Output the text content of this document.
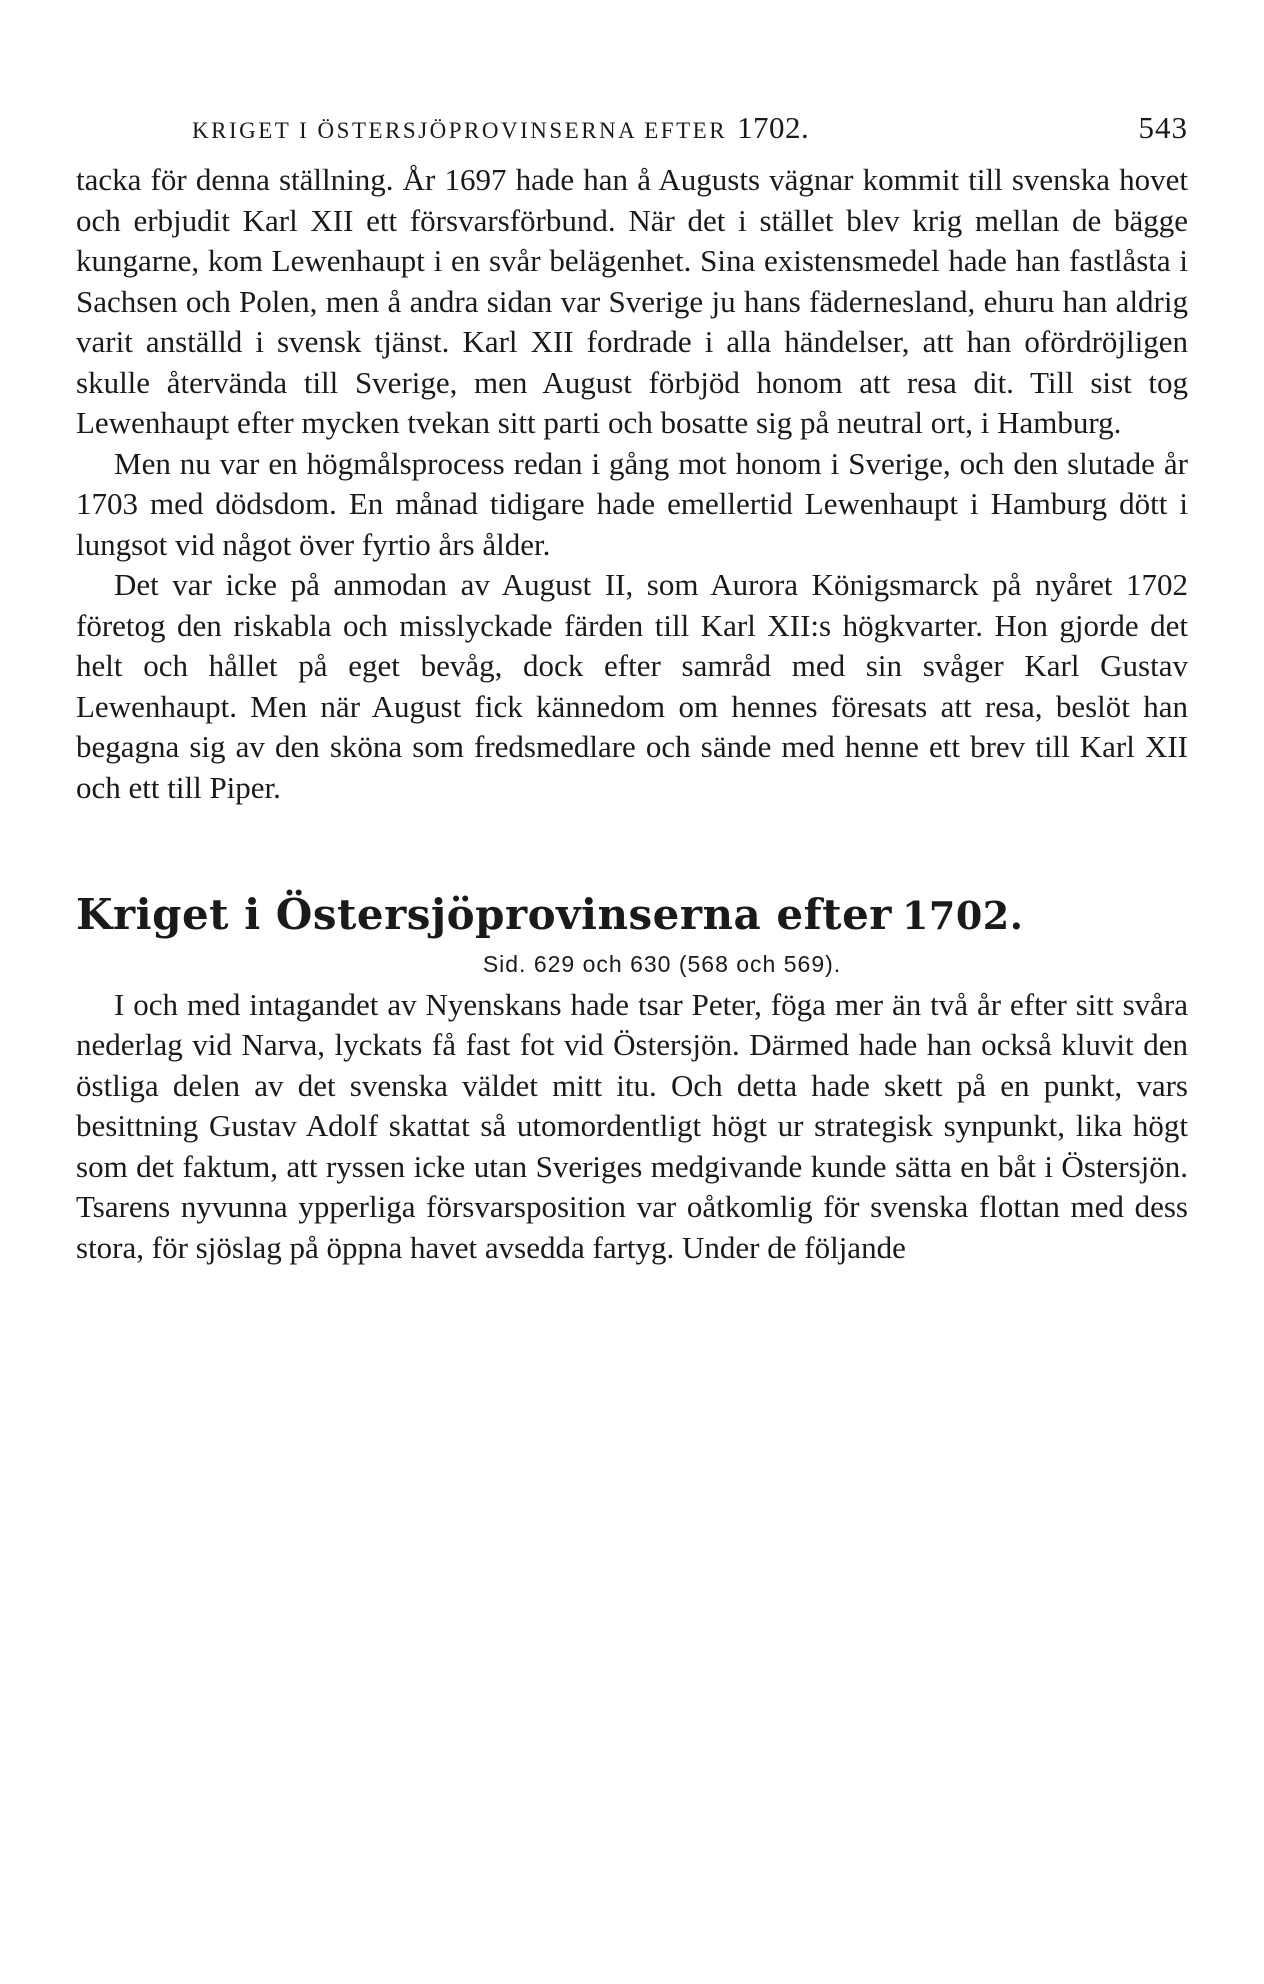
KRIGET I ÖSTERSJÖPROVINSERNA EFTER 1702.	543

tacka för denna ställning. År 1697 hade han å Augusts vägnar kommit till svenska hovet och erbjudit Karl XII ett försvarsförbund. När det i stället blev krig mellan de bägge kungarne, kom Lewenhaupt i en svår belägenhet. Sina existensmedel hade han fastlåsta i Sachsen och Polen, men å andra sidan var Sverige ju hans fädernesland, ehuru han aldrig varit anställd i svensk tjänst. Karl XII fordrade i alla händelser, att han ofördröjligen skulle återvända till Sverige, men August förbjöd honom att resa dit. Till sist tog Lewenhaupt efter mycken tvekan sitt parti och bosatte sig på neutral ort, i Hamburg.

Men nu var en högmålsprocess redan i gång mot honom i Sverige, och den slutade år 1703 med dödsdom. En månad tidigare hade emellertid Lewenhaupt i Hamburg dött i lungsot vid något över fyrtio års ålder.

Det var icke på anmodan av August II, som Aurora Königsmarck på nyåret 1702 företog den riskabla och misslyckade färden till Karl XII:s högkvarter. Hon gjorde det helt och hållet på eget bevåg, dock efter samråd med sin svåger Karl Gustav Lewenhaupt. Men när August fick kännedom om hennes föresats att resa, beslöt han begagna sig av den sköna som fredsmedlare och sände med henne ett brev till Karl XII och ett till Piper.

Kriget i Östersjöprovinserna efter 1702.
Sid. 629 och 630 (568 och 569).

I och med intagandet av Nyenskans hade tsar Peter, föga mer än två år efter sitt svåra nederlag vid Narva, lyckats få fast fot vid Östersjön. Därmed hade han också kluvit den östliga delen av det svenska väldet mitt itu. Och detta hade skett på en punkt, vars besittning Gustav Adolf skattat så utomordentligt högt ur strategisk synpunkt, lika högt som det faktum, att ryssen icke utan Sveriges medgivande kunde sätta en båt i Östersjön. Tsarens nyvunna ypperliga försvarsposition var oåtkomlig för svenska flottan med dess stora, för sjöslag på öppna havet avsedda fartyg. Under de följande
